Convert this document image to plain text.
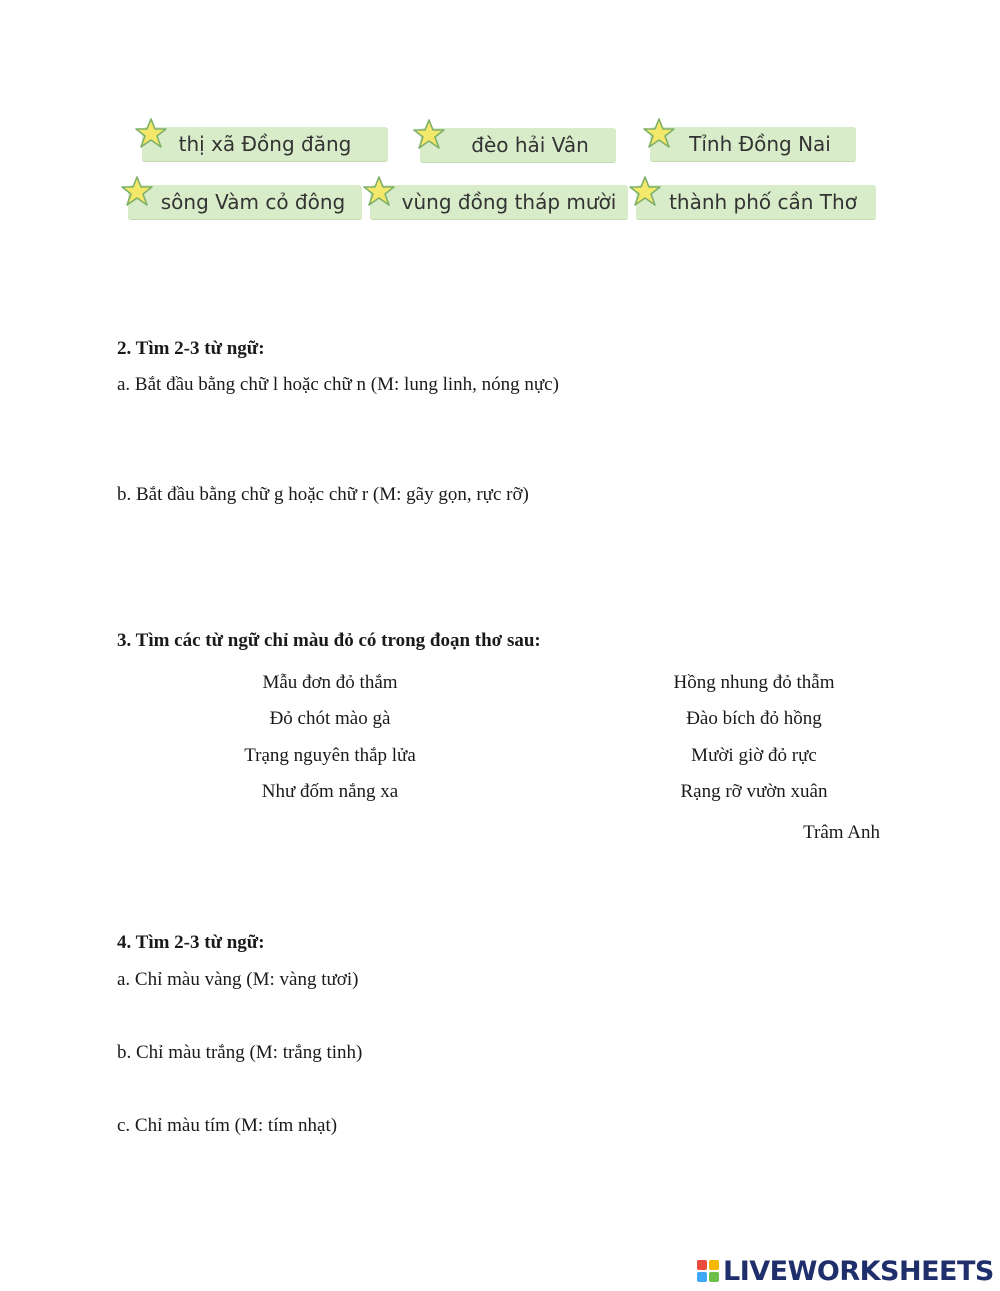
thị xã Đồng đăng	đèo hải Vân	Tỉnh Đồng Nai
sông Vàm cỏ đông	vùng đồng tháp mười	thành phố cần Thơ
2. Tìm 2-3 từ ngữ:
a. Bắt đầu bằng chữ l hoặc chữ n (M: lung linh, nóng nực)
b. Bắt đầu bằng chữ g hoặc chữ r (M: gãy gọn, rực rỡ)
3. Tìm các từ ngữ chỉ màu đỏ có trong đoạn thơ sau:
Mẫu đơn đỏ thắm
Đỏ chót mào gà
Trạng nguyên thắp lửa
Như đốm nắng xa
Hồng nhung đỏ thẫm
Đào bích đỏ hồng
Mười giờ đỏ rực
Rạng rỡ vườn xuân
Trâm Anh
4. Tìm 2-3 từ ngữ:
a. Chỉ màu vàng (M: vàng tươi)
b. Chỉ màu trắng (M: trắng tinh)
c. Chỉ màu tím (M: tím nhạt)
LIVEWORKSHEETS
